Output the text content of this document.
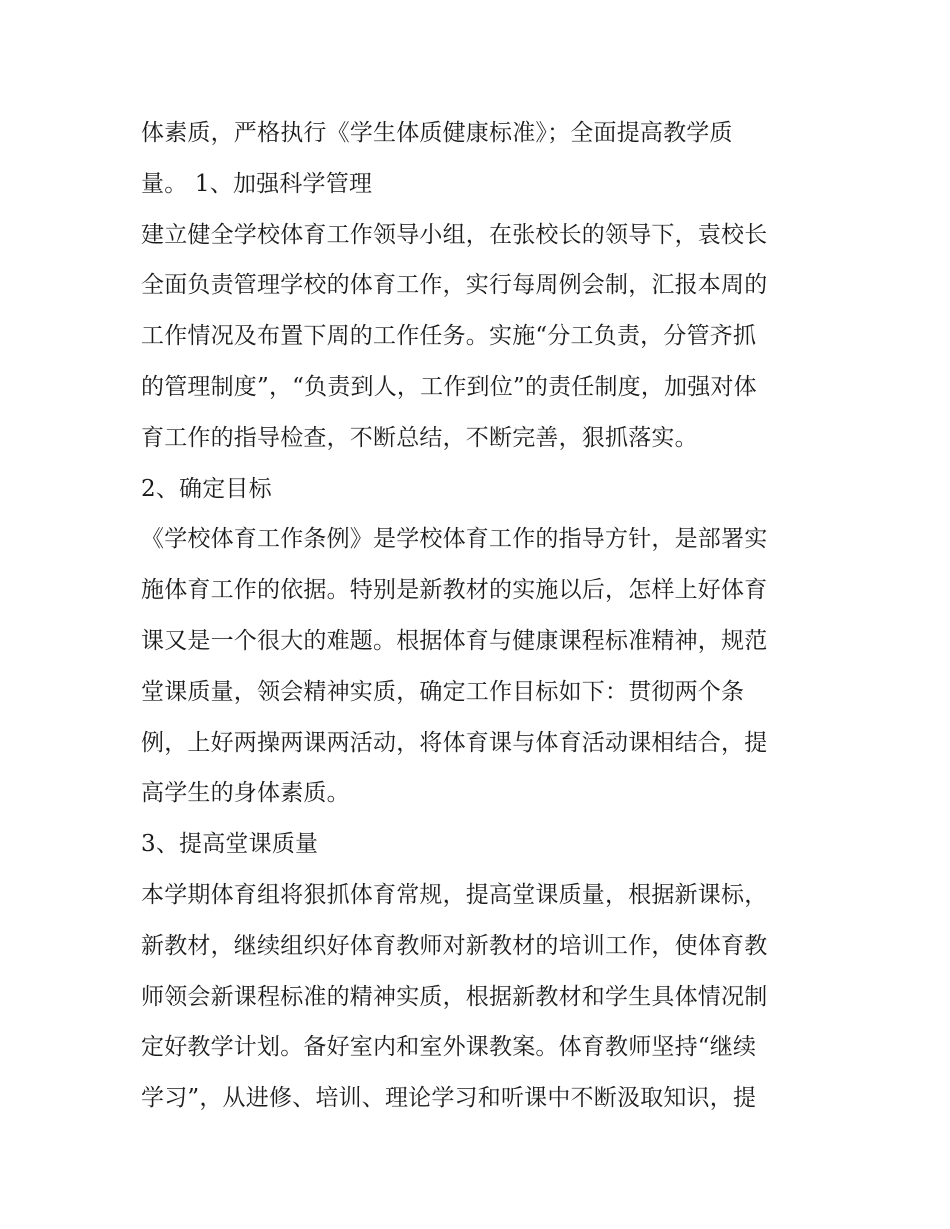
体素质，严格执行《学生体质健康标准》；全面提高教学质
量。 1、加强科学管理
建立健全学校体育工作领导小组，在张校长的领导下，袁校长
全面负责管理学校的体育工作，实行每周例会制，汇报本周的
工作情况及布置下周的工作任务。实施“分工负责，分管齐抓
的管理制度”，“负责到人，工作到位”的责任制度，加强对体
育工作的指导检查，不断总结，不断完善，狠抓落实。
2、确定目标
《学校体育工作条例》是学校体育工作的指导方针，是部署实
施体育工作的依据。特别是新教材的实施以后，怎样上好体育
课又是一个很大的难题。根据体育与健康课程标准精神，规范
堂课质量，领会精神实质，确定工作目标如下：贯彻两个条
例，上好两操两课两活动，将体育课与体育活动课相结合，提
高学生的身体素质。
3、提高堂课质量
本学期体育组将狠抓体育常规，提高堂课质量，根据新课标，
新教材，继续组织好体育教师对新教材的培训工作，使体育教
师领会新课程标准的精神实质，根据新教材和学生具体情况制
定好教学计划。备好室内和室外课教案。体育教师坚持“继续
学习”，从进修、培训、理论学习和听课中不断汲取知识，提
